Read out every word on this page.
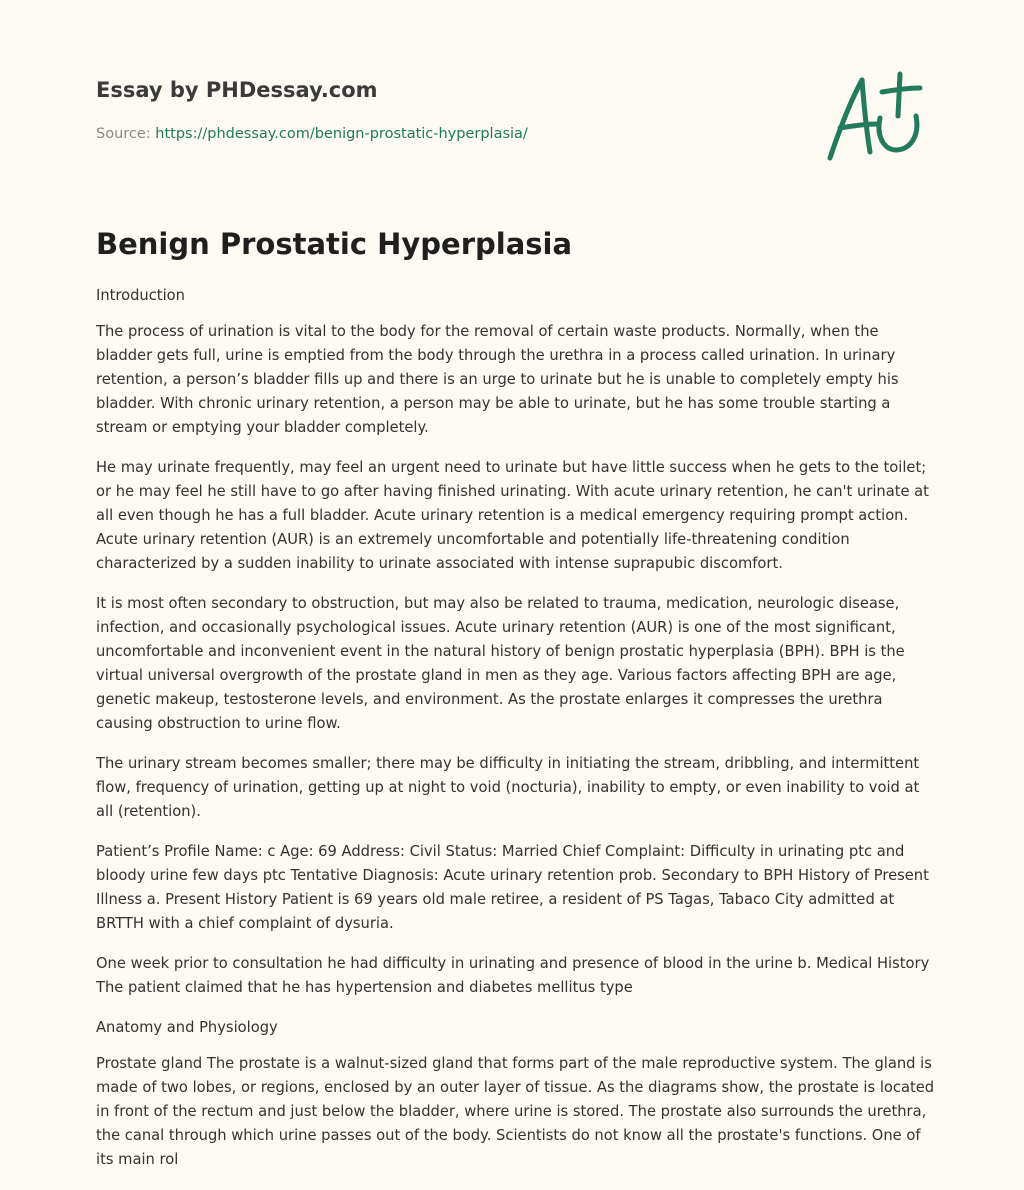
Essay by PHDessay.com
Source: https://phdessay.com/benign-prostatic-hyperplasia/
Benign Prostatic Hyperplasia

Introduction

The process of urination is vital to the body for the removal of certain waste products. Normally, when the bladder gets full, urine is emptied from the body through the urethra in a process called urination. In urinary retention, a person’s bladder fills up and there is an urge to urinate but he is unable to completely empty his bladder. With chronic urinary retention, a person may be able to urinate, but he has some trouble starting a stream or emptying your bladder completely.

He may urinate frequently, may feel an urgent need to urinate but have little success when he gets to the toilet; or he may feel he still have to go after having finished urinating. With acute urinary retention, he can't urinate at all even though he has a full bladder. Acute urinary retention is a medical emergency requiring prompt action. Acute urinary retention (AUR) is an extremely uncomfortable and potentially life-threatening condition characterized by a sudden inability to urinate associated with intense suprapubic discomfort.

It is most often secondary to obstruction, but may also be related to trauma, medication, neurologic disease, infection, and occasionally psychological issues. Acute urinary retention (AUR) is one of the most significant, uncomfortable and inconvenient event in the natural history of benign prostatic hyperplasia (BPH). BPH is the virtual universal overgrowth of the prostate gland in men as they age. Various factors affecting BPH are age, genetic makeup, testosterone levels, and environment. As the prostate enlarges it compresses the urethra causing obstruction to urine flow.

The urinary stream becomes smaller; there may be difficulty in initiating the stream, dribbling, and intermittent flow, frequency of urination, getting up at night to void (nocturia), inability to empty, or even inability to void at all (retention).

Patient’s Profile Name: c Age: 69 Address: Civil Status: Married Chief Complaint: Difficulty in urinating ptc and bloody urine few days ptc Tentative Diagnosis: Acute urinary retention prob. Secondary to BPH History of Present Illness a. Present History Patient is 69 years old male retiree, a resident of PS Tagas, Tabaco City admitted at BRTTH with a chief complaint of dysuria.

One week prior to consultation he had difficulty in urinating and presence of blood in the urine b. Medical History The patient claimed that he has hypertension and diabetes mellitus type

Anatomy and Physiology

Prostate gland The prostate is a walnut-sized gland that forms part of the male reproductive system. The gland is made of two lobes, or regions, enclosed by an outer layer of tissue. As the diagrams show, the prostate is located in front of the rectum and just below the bladder, where urine is stored. The prostate also surrounds the urethra, the canal through which urine passes out of the body. Scientists do not know all the prostate's functions. One of its main rol
